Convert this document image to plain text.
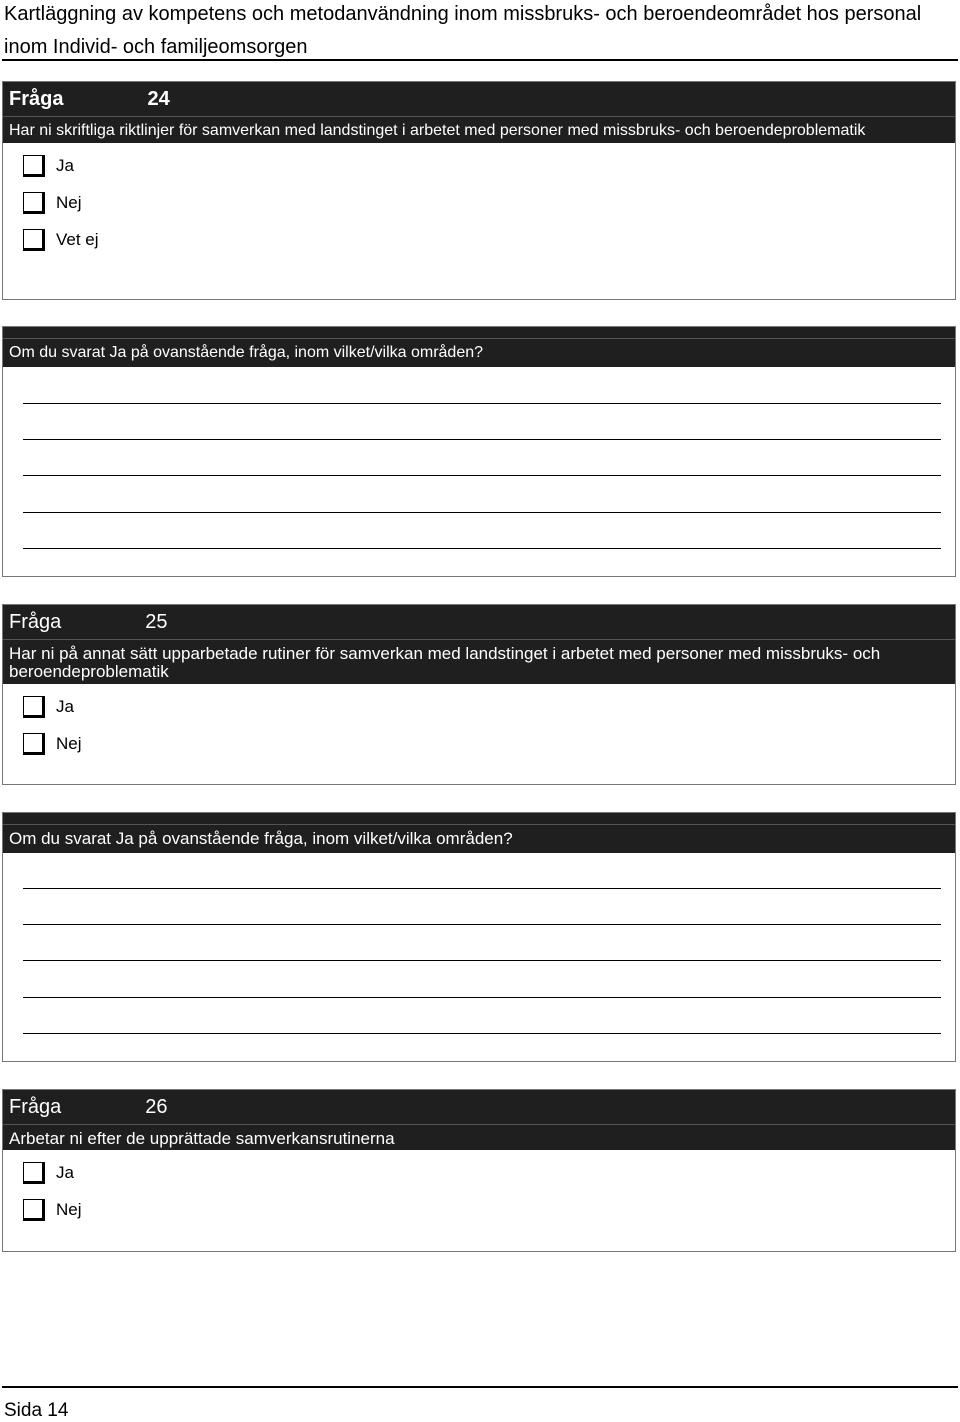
Kartläggning av kompetens och metodanvändning inom missbruks- och beroendeområdet hos personal inom Individ- och familjeomsorgen
Fråga	24
Har ni skriftliga riktlinjer för samverkan med landstinget i arbetet med personer med missbruks- och beroendeproblematik
Ja
Nej
Vet ej
Om du svarat Ja på ovanstående fråga, inom vilket/vilka områden?
Fråga	25
Har ni på annat sätt upparbetade rutiner för samverkan med landstinget i arbetet med personer med missbruks- och beroendeproblematik
Ja
Nej
Om du svarat Ja på ovanstående fråga, inom vilket/vilka områden?
Fråga	26
Arbetar ni efter de upprättade samverkansrutinerna
Ja
Nej
Sida 14
